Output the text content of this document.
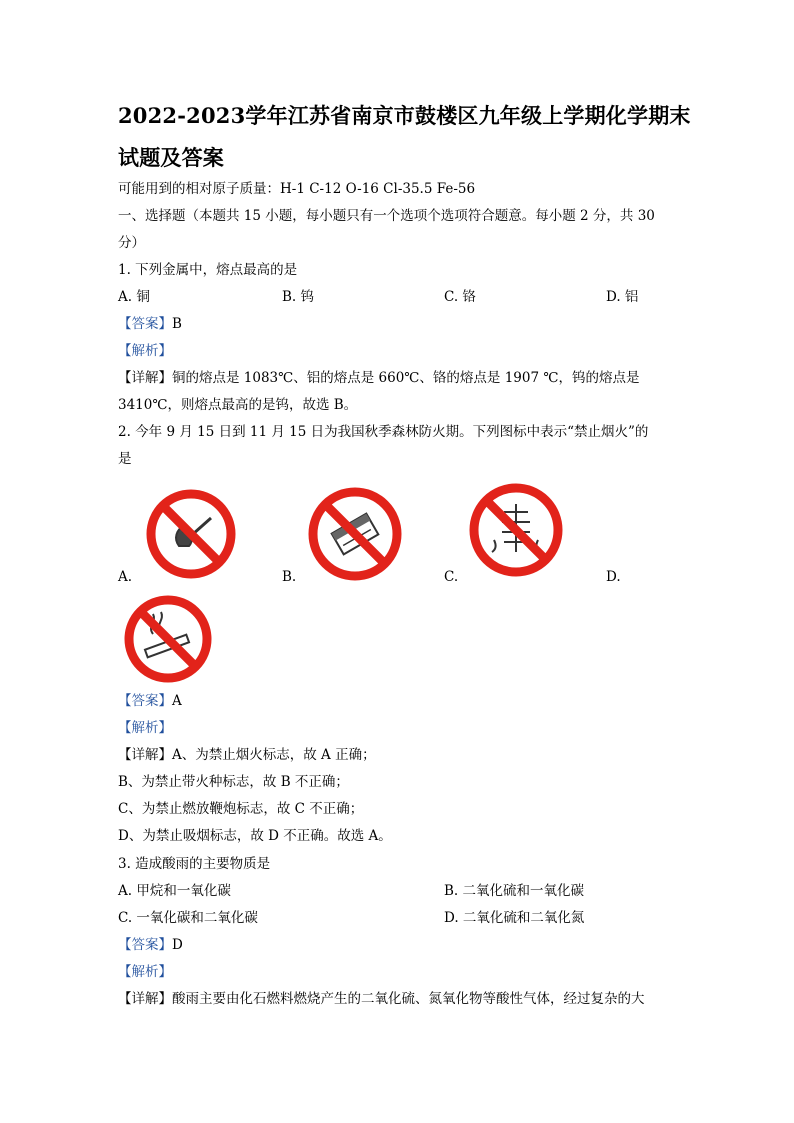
2022-2023学年江苏省南京市鼓楼区九年级上学期化学期末
试题及答案
可能用到的相对原子质量：H-1 C-12 O-16 Cl-35.5 Fe-56
一、选择题（本题共 15 小题，每小题只有一个选项个选项符合题意。每小题 2 分，共 30
分）
1. 下列金属中，熔点最高的是
A. 铜	B. 钨	C. 铬	D. 铝
【答案】B
【解析】
【详解】铜的熔点是 1083℃、铝的熔点是 660℃、铬的熔点是 1907 ℃，钨的熔点是
3410℃，则熔点最高的是钨，故选 B。
2. 今年 9 月 15 日到 11 月 15 日为我国秋季森林防火期。下列图标中表示“禁止烟火”的
是
A.	B.	C.	D.
【答案】A
【解析】
【详解】A、为禁止烟火标志，故 A 正确；
B、为禁止带火种标志，故 B 不正确；
C、为禁止燃放鞭炮标志，故 C 不正确；
D、为禁止吸烟标志，故 D 不正确。故选 A。
3. 造成酸雨的主要物质是
A. 甲烷和一氧化碳	B. 二氧化硫和一氧化碳
C. 一氧化碳和二氧化碳	D. 二氧化硫和二氧化氮
【答案】D
【解析】
【详解】酸雨主要由化石燃料燃烧产生的二氧化硫、氮氧化物等酸性气体，经过复杂的大
